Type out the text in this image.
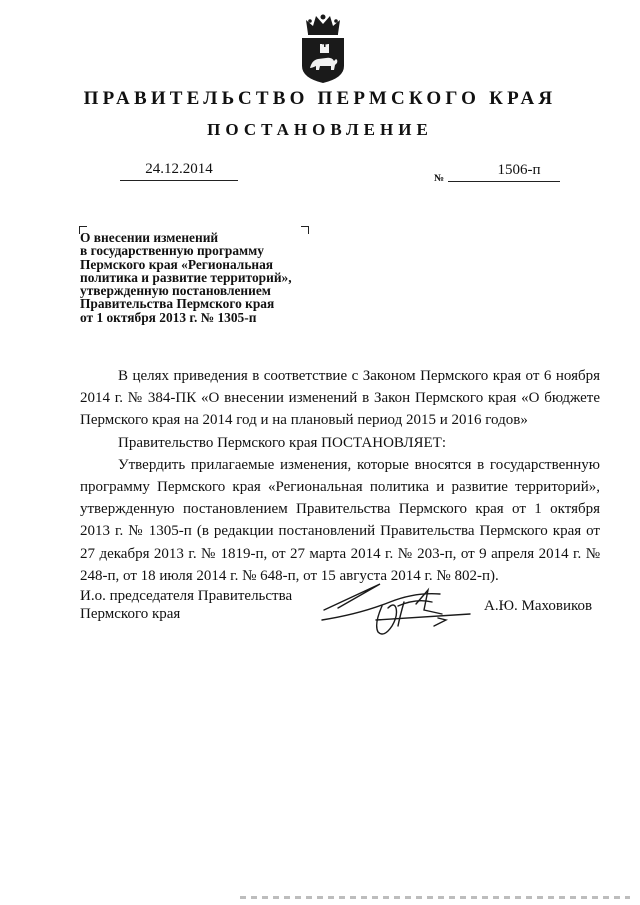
ПРАВИТЕЛЬСТВО ПЕРМСКОГО КРАЯ
ПОСТАНОВЛЕНИЕ
24.12.2014
№
1506-п
О внесении изменений
в государственную программу
Пермского края «Региональная
политика и развитие территорий»,
утвержденную постановлением
Правительства Пермского края
от 1 октября 2013 г. № 1305-п
В целях приведения в соответствие с Законом Пермского края от 6 ноября 2014 г. № 384-ПК «О внесении изменений в Закон Пермского края «О бюджете Пермского края на 2014 год и на плановый период 2015 и 2016 годов»
Правительство Пермского края ПОСТАНОВЛЯЕТ:
Утвердить прилагаемые изменения, которые вносятся в государственную программу Пермского края «Региональная политика и развитие территорий», утвержденную постановлением Правительства Пермского края от 1 октября 2013 г. № 1305-п (в редакции постановлений Правительства Пермского края от 27 декабря 2013 г. № 1819-п, от 27 марта 2014 г. № 203-п, от 9 апреля 2014 г. № 248-п, от 18 июля 2014 г. № 648-п, от 15 августа 2014 г. № 802-п).
И.о. председателя Правительства
Пермского края	А.Ю. Маховиков
